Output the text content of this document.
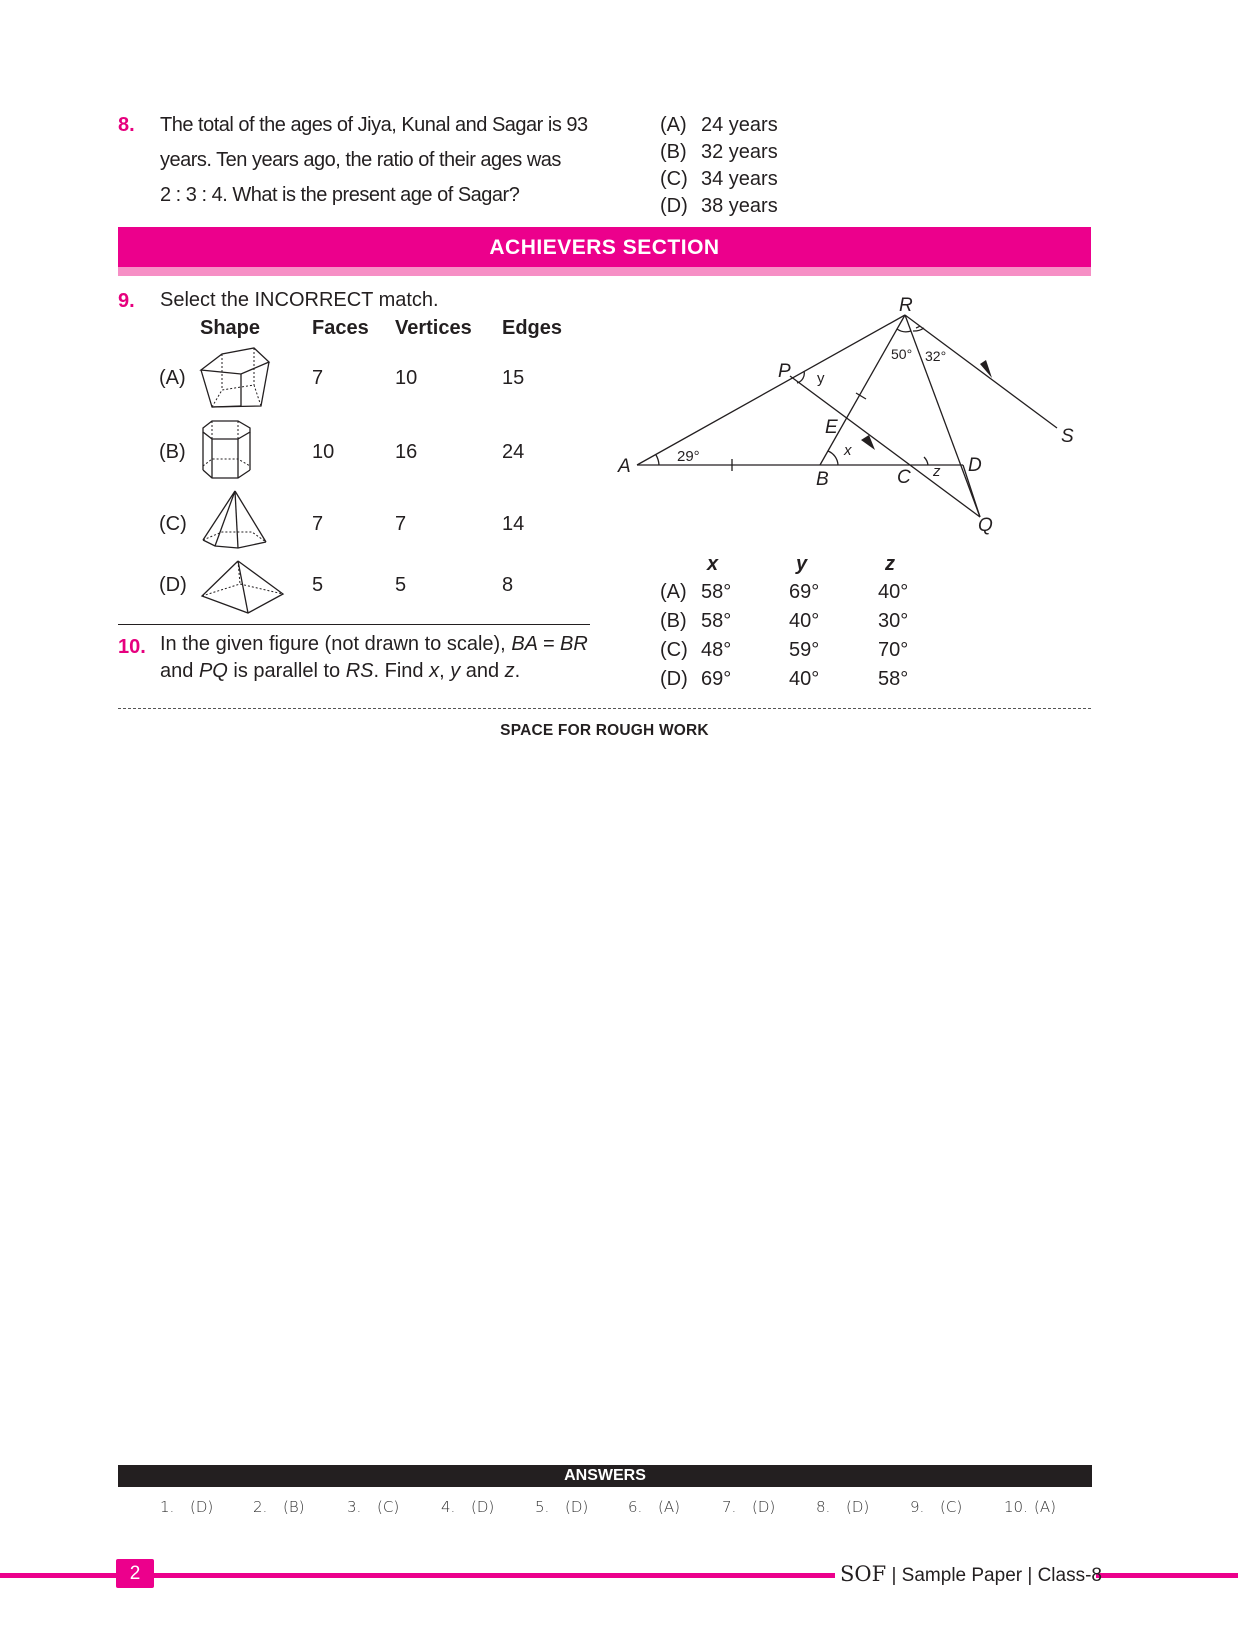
8. The total of the ages of Jiya, Kunal and Sagar is 93
years. Ten years ago, the ratio of their ages was
2 : 3 : 4. What is the present age of Sagar?
(A) 24 years
(B) 32 years
(C) 34 years
(D) 38 years
ACHIEVERS SECTION
9. Select the INCORRECT match.
Shape	Faces Vertices Edges
(A)	7	10	15
(B)	10	16	24
(C)	7	7	14
(D)	5	5	8
10. In the given figure (not drawn to scale), BA = BR
and PQ is parallel to RS. Find x, y and z.
A
B	C
D
E
P
Q
R
S
29°
50° 32°
x
y
z
x	y	z
(A) 58°	69°	40°
(B) 58°	40°	30°
(C) 48°	59°	70°
(D) 69°	40°	58°
SPACE FOR ROUGH WORK
ANSWERS
1. (D)	2. (B)	3. (C)	4. (D)	5. (D)	6. (A)	7. (D)	8. (D)	9. (C)	10. (A)
2	SOF | Sample Paper | Class-8
